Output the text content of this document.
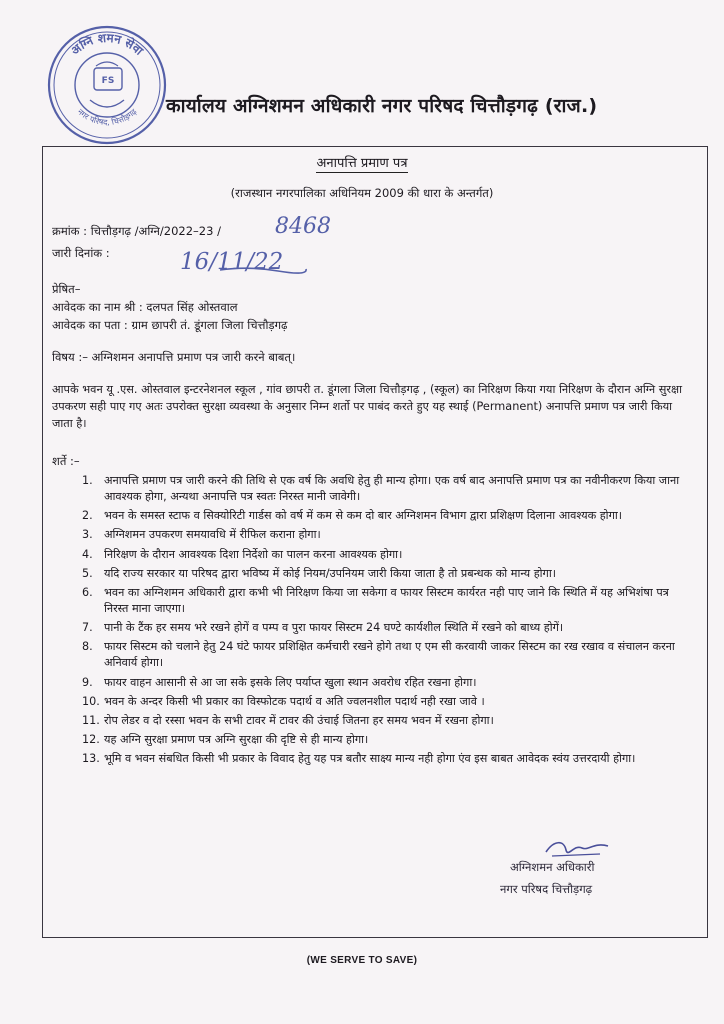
FS
अग्नि शमन सेवा
नगर परिषद, चित्तौड़गढ़ कार्यालय अग्निशमन अधिकारी नगर परिषद चित्तौड़गढ़ (राज.)
अनापत्ति प्रमाण पत्र
(राजस्थान नगरपालिका अधिनियम 2009 की धारा के अन्तर्गत)
क्रमांक : चित्तौड़गढ़ /अग्नि/2022–23 / 8468
जारी दिनांक :	16/11/22
प्रेषित–
आवेदक का नाम श्री : दलपत सिंह ओस्तवाल
आवेदक का पता : ग्राम छापरी तं. डूंगला जिला चित्तौड़गढ़
विषय :– अग्निशमन अनापत्ति प्रमाण पत्र जारी करने बाबत्।
आपके भवन यू .एस. ओस्तवाल इन्टरनेशनल स्कूल , गांव छापरी त. डूंगला जिला चित्तौड़गढ़ , (स्कूल) का निरिक्षण किया गया निरिक्षण के दौरान अग्नि सुरक्षा उपकरण सही पाए गए अतः उपरोक्त सुरक्षा व्यवस्था के अनुसार निम्न शर्तो पर पाबंद करते हुए यह स्थाई (Permanent) अनापत्ति प्रमाण पत्र जारी किया जाता है।
शर्ते :–
1.	अनापत्ति प्रमाण पत्र जारी करने की तिथि से एक वर्ष कि अवधि हेतु ही मान्य होगा। एक वर्ष बाद अनापत्ति प्रमाण पत्र का नवीनीकरण किया जाना आवश्यक होगा, अन्यथा अनापत्ति पत्र स्वतः निरस्त मानी जावेगी।
2.	भवन के समस्त स्टाफ व सिक्योरिटी गार्डस को वर्ष में कम से कम दो बार अग्निशमन विभाग द्वारा प्रशिक्षण दिलाना आवश्यक होगा।
3.	अग्निशमन उपकरण समयावधि में रीफिल कराना होगा।
4.	निरिक्षण के दौरान आवश्यक दिशा निर्देशो का पालन करना आवश्यक होगा।
5.	यदि राज्य सरकार या परिषद द्वारा भविष्य में कोई नियम/उपनियम जारी किया जाता है तो प्रबन्धक को मान्य होगा।
6.	भवन का अग्निशमन अधिकारी द्वारा कभी भी निरिक्षण किया जा सकेगा व फायर सिस्टम कार्यरत नही पाए जाने कि स्थिति में यह अभिशंषा पत्र निरस्त माना जाएगा।
7.	पानी के टैंक हर समय भरे रखने होगें व पम्प व पुरा फायर सिस्टम 24 घण्टे कार्यशील स्थिति में रखने को बाध्य होगें।
8.	फायर सिस्टम को चलाने हेतु 24 घंटे फायर प्रशिक्षित कर्मचारी रखने होगे तथा ए एम सी करवायी जाकर सिस्टम का रख रखाव व संचालन करना अनिवार्य होगा।
9.	फायर वाहन आसानी से आ जा सके इसके लिए पर्याप्त खुला स्थान अवरोध रहित रखना होगा।
10. भवन के अन्दर किसी भी प्रकार का विस्फोटक पदार्थ व अति ज्वलनशील पदार्थ नही रखा जावे ।
11. रोप लेडर व दो रस्सा भवन के सभी टावर में टावर की उंचाई जितना हर समय भवन में रखना होगा।
12. यह अग्नि सुरक्षा प्रमाण पत्र अग्नि सुरक्षा की दृष्टि से ही मान्य होगा।
13. भूमि व भवन संबधित किसी भी प्रकार के विवाद हेतु यह पत्र बतौर साक्ष्य मान्य नही होगा एंव इस बाबत आवेदक स्वंय उत्तरदायी होगा।
अग्निशमन अधिकारी
नगर परिषद चित्तौड़गढ़
(WE SERVE TO SAVE)
